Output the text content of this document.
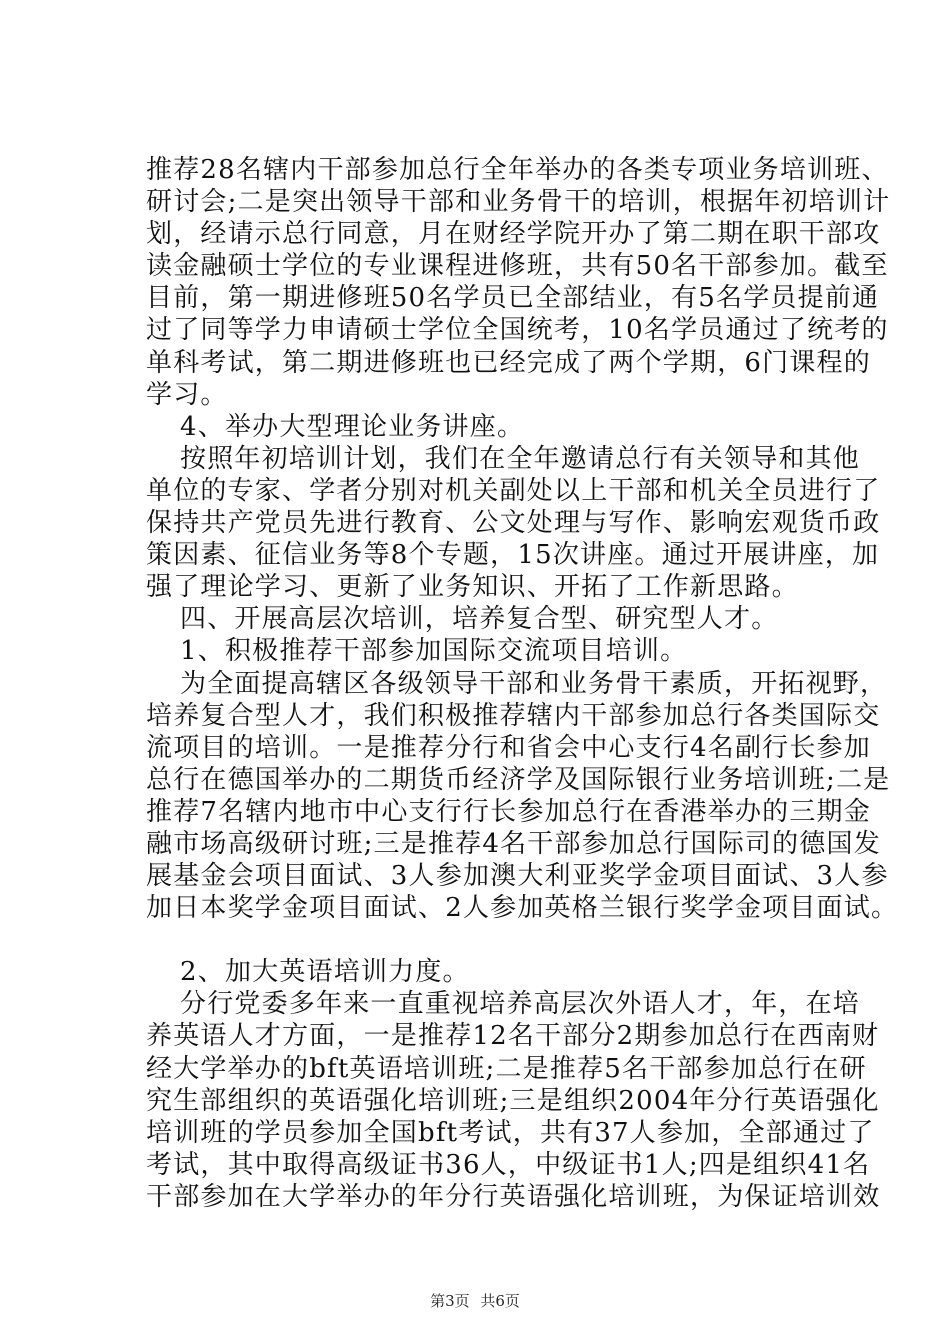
推荐28名辖内干部参加总行全年举办的各类专项业务培训班、
研讨会;二是突出领导干部和业务骨干的培训，根据年初培训计
划，经请示总行同意，月在财经学院开办了第二期在职干部攻
读金融硕士学位的专业课程进修班，共有50名干部参加。截至
目前，第一期进修班50名学员已全部结业，有5名学员提前通
过了同等学力申请硕士学位全国统考，10名学员通过了统考的
单科考试，第二期进修班也已经完成了两个学期，6门课程的
学习。
4、举办大型理论业务讲座。
按照年初培训计划，我们在全年邀请总行有关领导和其他
单位的专家、学者分别对机关副处以上干部和机关全员进行了
保持共产党员先进行教育、公文处理与写作、影响宏观货币政
策因素、征信业务等8个专题，15次讲座。通过开展讲座，加
强了理论学习、更新了业务知识、开拓了工作新思路。
四、开展高层次培训，培养复合型、研究型人才。
1、积极推荐干部参加国际交流项目培训。
为全面提高辖区各级领导干部和业务骨干素质，开拓视野，
培养复合型人才，我们积极推荐辖内干部参加总行各类国际交
流项目的培训。一是推荐分行和省会中心支行4名副行长参加
总行在德国举办的二期货币经济学及国际银行业务培训班;二是
推荐7名辖内地市中心支行行长参加总行在香港举办的三期金
融市场高级研讨班;三是推荐4名干部参加总行国际司的德国发
展基金会项目面试、3人参加澳大利亚奖学金项目面试、3人参
加日本奖学金项目面试、2人参加英格兰银行奖学金项目面试。
2、加大英语培训力度。
分行党委多年来一直重视培养高层次外语人才，年，在培
养英语人才方面，一是推荐12名干部分2期参加总行在西南财
经大学举办的bft英语培训班;二是推荐5名干部参加总行在研
究生部组织的英语强化培训班;三是组织2004年分行英语强化
培训班的学员参加全国bft考试，共有37人参加，全部通过了
考试，其中取得高级证书36人，中级证书1人;四是组织41名
干部参加在大学举办的年分行英语强化培训班，为保证培训效
第3页 共6页
